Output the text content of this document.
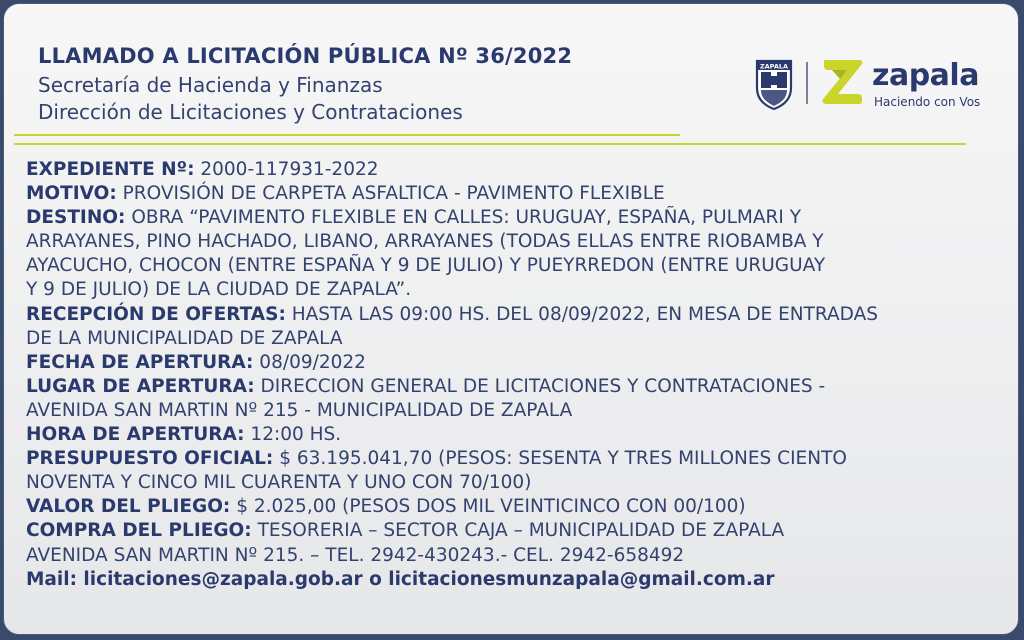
LLAMADO A LICITACIÓN PÚBLICA Nº 36/2022
Secretaría de Hacienda y Finanzas
Dirección de Licitaciones y Contrataciones
ZAPALA	zapala
Haciendo con Vos

EXPEDIENTE Nº: 2000-117931-2022

MOTIVO: PROVISIÓN DE CARPETA ASFALTICA - PAVIMENTO FLEXIBLE

DESTINO: OBRA “PAVIMENTO FLEXIBLE EN CALLES: URUGUAY, ESPAÑA, PULMARI Y

ARRAYANES, PINO HACHADO, LIBANO, ARRAYANES (TODAS ELLAS ENTRE RIOBAMBA Y

AYACUCHO, CHOCON (ENTRE ESPAÑA Y 9 DE JULIO) Y PUEYRREDON (ENTRE URUGUAY

Y 9 DE JULIO) DE LA CIUDAD DE ZAPALA”.

RECEPCIÓN DE OFERTAS: HASTA LAS 09:00 HS. DEL 08/09/2022, EN MESA DE ENTRADAS

DE LA MUNICIPALIDAD DE ZAPALA

FECHA DE APERTURA: 08/09/2022

LUGAR DE APERTURA: DIRECCION GENERAL DE LICITACIONES Y CONTRATACIONES -

AVENIDA SAN MARTIN Nº 215 - MUNICIPALIDAD DE ZAPALA

HORA DE APERTURA: 12:00 HS.

PRESUPUESTO OFICIAL: $ 63.195.041,70 (PESOS: SESENTA Y TRES MILLONES CIENTO

NOVENTA Y CINCO MIL CUARENTA Y UNO CON 70/100)

VALOR DEL PLIEGO: $ 2.025,00 (PESOS DOS MIL VEINTICINCO CON 00/100)

COMPRA DEL PLIEGO: TESORERIA – SECTOR CAJA – MUNICIPALIDAD DE ZAPALA

AVENIDA SAN MARTIN Nº 215. – TEL. 2942-430243.- CEL. 2942-658492

Mail: licitaciones@zapala.gob.ar o licitacionesmunzapala@gmail.com.ar
